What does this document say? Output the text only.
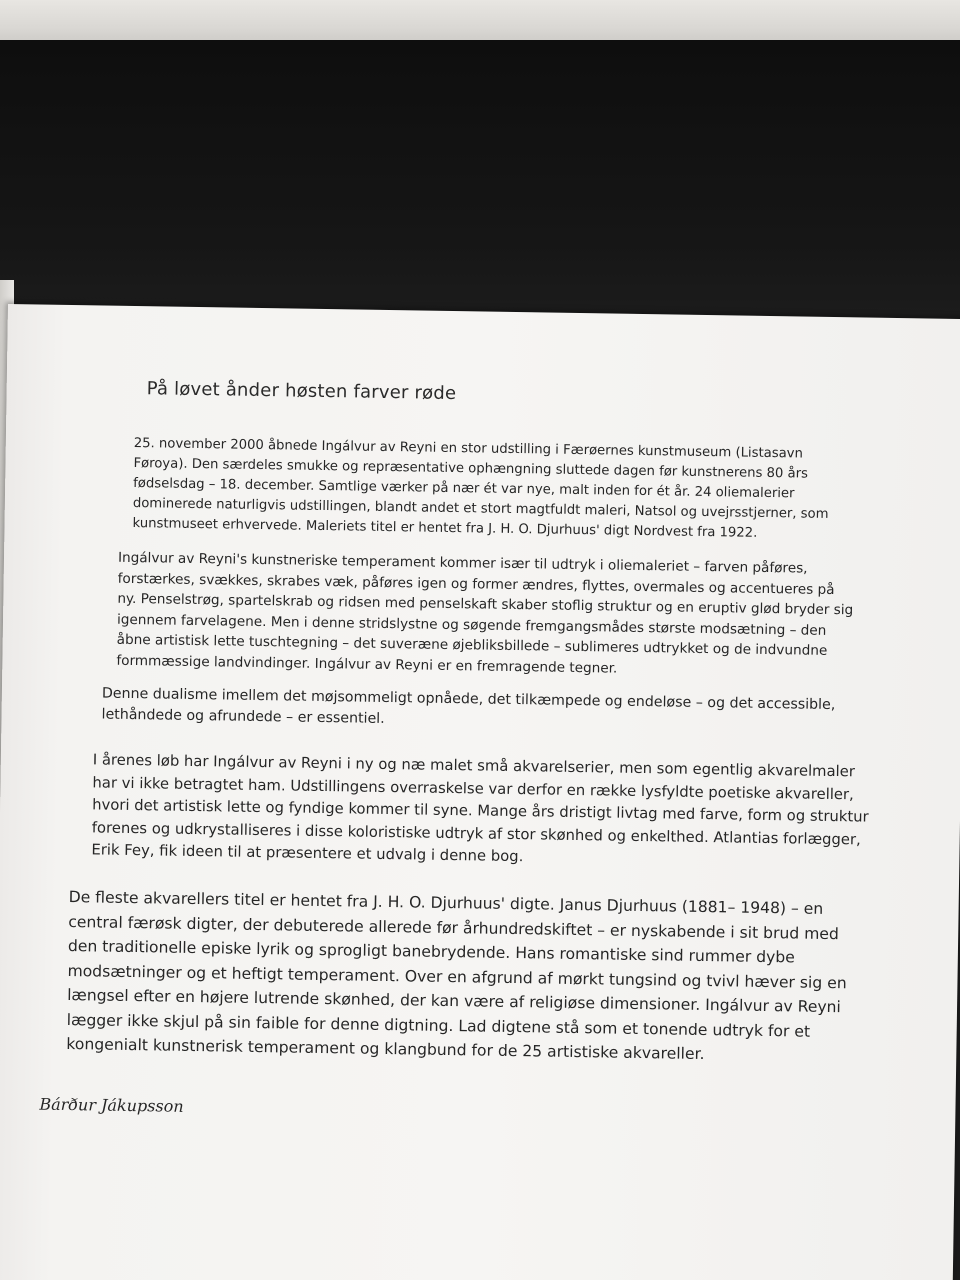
På løvet ånder høsten farver røde

25. november 2000 åbnede Ingálvur av Reyni en stor udstilling i Færøernes kunstmuseum (Listasavn Føroya). Den særdeles smukke og repræsentative ophængning sluttede dagen før kunstnerens 80 års fødselsdag – 18. december. Samtlige værker på nær ét var nye, malt inden for ét år. 24 oliemalerier dominerede naturligvis udstillingen, blandt andet et stort magtfuldt maleri, Natsol og uvejrsstjerner, som kunstmuseet erhvervede. Maleriets titel er hentet fra J. H. O. Djurhuus' digt Nordvest fra 1922.

Ingálvur av Reyni's kunstneriske temperament kommer især til udtryk i oliemaleriet – farven påføres, forstærkes, svækkes, skrabes væk, påføres igen og former ændres, flyttes, overmales og accentueres på ny. Penselstrøg, spartelskrab og ridsen med penselskaft skaber stoflig struktur og en eruptiv glød bryder sig igennem farvelagene. Men i denne stridslystne og søgende fremgangsmådes største modsætning – den åbne artistisk lette tuschtegning – det suveræne øjebliksbillede – sublimeres udtrykket og de indvundne formmæssige landvindinger. Ingálvur av Reyni er en fremragende tegner.

Denne dualisme imellem det møjsommeligt opnåede, det tilkæmpede og endeløse – og det accessible, lethåndede og afrundede – er essentiel.

I årenes løb har Ingálvur av Reyni i ny og næ malet små akvarelserier, men som egentlig akvarelmaler har vi ikke betragtet ham. Udstillingens overraskelse var derfor en række lysfyldte poetiske akvareller, hvori det artistisk lette og fyndige kommer til syne. Mange års dristigt livtag med farve, form og struktur forenes og udkrystalliseres i disse koloristiske udtryk af stor skønhed og enkelthed. Atlantias forlægger, Erik Fey, fik ideen til at præsentere et udvalg i denne bog.

De fleste akvarellers titel er hentet fra J. H. O. Djurhuus' digte. Janus Djurhuus (1881– 1948) – en central færøsk digter, der debuterede allerede før århundredskiftet – er nyskabende i sit brud med den traditionelle episke lyrik og sprogligt banebrydende. Hans romantiske sind rummer dybe modsætninger og et heftigt temperament. Over en afgrund af mørkt tungsind og tvivl hæver sig en længsel efter en højere lutrende skønhed, der kan være af religiøse dimensioner. Ingálvur av Reyni lægger ikke skjul på sin faible for denne digtning. Lad digtene stå som et tonende udtryk for et kongenialt kunstnerisk temperament og klangbund for de 25 artistiske akvareller.

Bárður Jákupsson
